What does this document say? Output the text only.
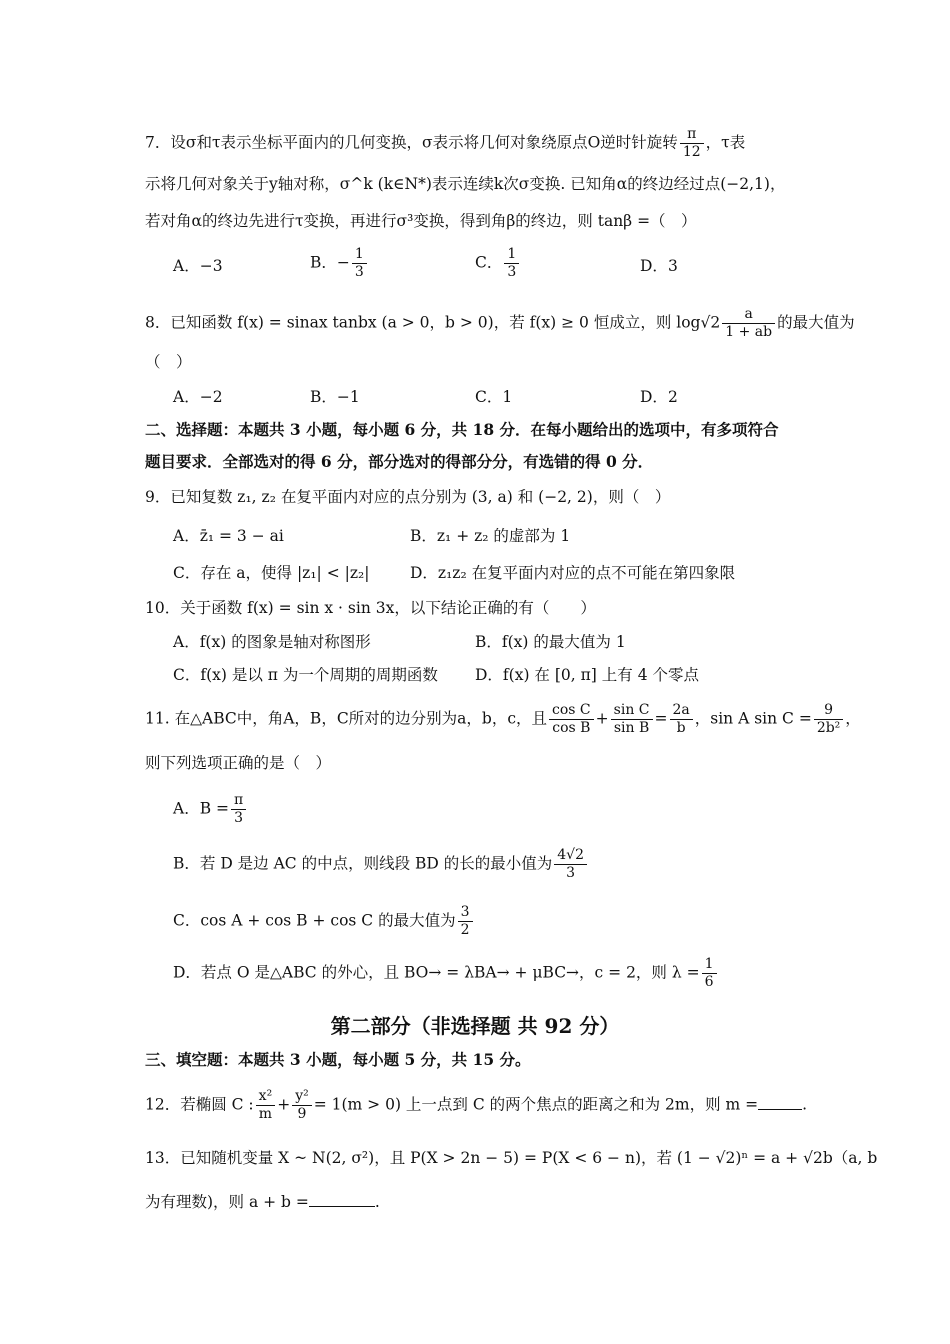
7．设σ和τ表示坐标平面内的几何变换，σ表示将几何对象绕原点O逆时针旋转 $\frac{\pi}{12}$ ，τ表
示将几何对象关于y轴对称，σ^k (k∈N*)表示连续k次σ变换. 已知角α的终边经过点(−2,1)，
若对角α的终边先进行τ变换，再进行σ³变换，得到角β的终边，则 tanβ =（　）
A．−3	B．− $\frac{1}{3}$	C． $\frac{1}{3}$	D．3
8．已知函数 f(x) = sinax tanbx (a > 0，b > 0)，若 f(x) ≥ 0 恒成立，则 $\log√2 \frac{a}{1 + ab}$ 的最大值为
（　）
A．−2	B．−1	C．1	D．2
二、选择题：本题共 3 小题，每小题 6 分，共 18 分．在每小题给出的选项中，有多项符合
题目要求．全部选对的得 6 分，部分选对的得部分分，有选错的得 0 分．
9．已知复数 z₁, z₂ 在复平面内对应的点分别为 (3, a) 和 (−2, 2)，则（　）
A．z̄₁ = 3 − ai	B．z₁ + z₂ 的虚部为 1
C．存在 a，使得 |z₁| < |z₂|	D．z₁z₂ 在复平面内对应的点不可能在第四象限
10．关于函数 f(x) = sin x · sin 3x，以下结论正确的有（　　）
A．f(x) 的图象是轴对称图形	B．f(x) 的最大值为 1
C．f(x) 是以 π 为一个周期的周期函数 D．f(x) 在 [0, π] 上有 4 个零点
11. 在△ABC中，角A，B，C所对的边分别为a，b，c，且 $\frac{\text{cos C}}{\text{cos B}} + \frac{\text{sin C}}{\text{sin B}} = \frac{2a}{b}$ ，sin A $\sin C = \frac{9}{\text{2b²}}$ ，
则下列选项正确的是（　）
A．$B = \frac{\pi}{3}$
B．若 D 是边 AC 的中点，则线段 BD 的长的最小值为 $\frac{4√2}{3}$
C．cos A + cos B + cos C 的最大值为 $\frac{3}{2}$
D．若点 O 是△ABC 的外心，且 BO→ = λBA→ + μBC→，c = 2，则 $\lambda = \frac{1}{6}$
第二部分（非选择题 共 92 分）
三、填空题：本题共 3 小题，每小题 5 分，共 15 分。
12．若椭圆 C : $\frac{\text{x²}}{m} + \frac{\text{y²}}{9} = 1(m > 0)$ 上一点到 C 的两个焦点的距离之和为 2m，则 m =	.
13．已知随机变量 X ~ N(2, σ²)，且 P(X > 2n − 5) = P(X < 6 − n)，若 (1 − √2)ⁿ = a + √2b（a, b
为有理数)，则 a + b =	.
